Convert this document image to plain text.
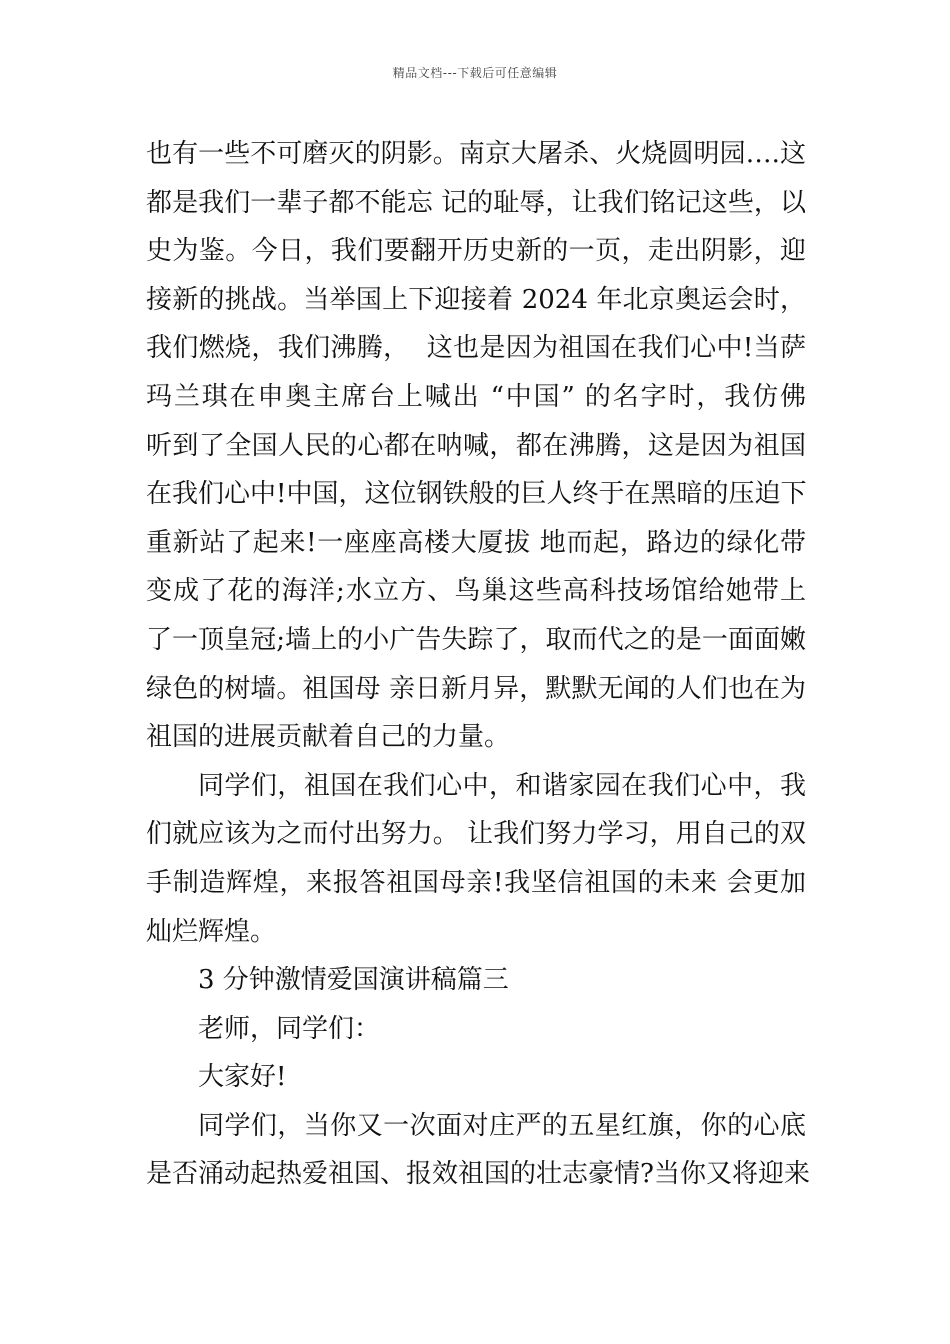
精品文档---下载后可任意编辑
也有一些不可磨灭的阴影。南京大屠杀、火烧圆明园….这
都是我们一辈子都不能忘 记的耻辱，让我们铭记这些，以
史为鉴。今日，我们要翻开历史新的一页，走出阴影，迎
接新的挑战。当举国上下迎接着 2024 年北京奥运会时，
我们燃烧，我们沸腾，  这也是因为祖国在我们心中!当萨
玛兰琪在申奥主席台上喊出 “中国” 的名字时，我仿佛
听到了全国人民的心都在呐喊，都在沸腾，这是因为祖国
在我们心中!中国，这位钢铁般的巨人终于在黑暗的压迫下
重新站了起来!一座座高楼大厦拔 地而起，路边的绿化带
变成了花的海洋;水立方、鸟巢这些高科技场馆给她带上
了一顶皇冠;墙上的小广告失踪了，取而代之的是一面面嫩
绿色的树墙。祖国母 亲日新月异，默默无闻的人们也在为
祖国的进展贡献着自己的力量。
同学们，祖国在我们心中，和谐家园在我们心中，我
们就应该为之而付出努力。 让我们努力学习，用自己的双
手制造辉煌，来报答祖国母亲!我坚信祖国的未来 会更加
灿烂辉煌。
3 分钟激情爱国演讲稿篇三
老师，同学们：
大家好!
同学们，当你又一次面对庄严的五星红旗，你的心底
是否涌动起热爱祖国、报效祖国的壮志豪情?当你又将迎来
